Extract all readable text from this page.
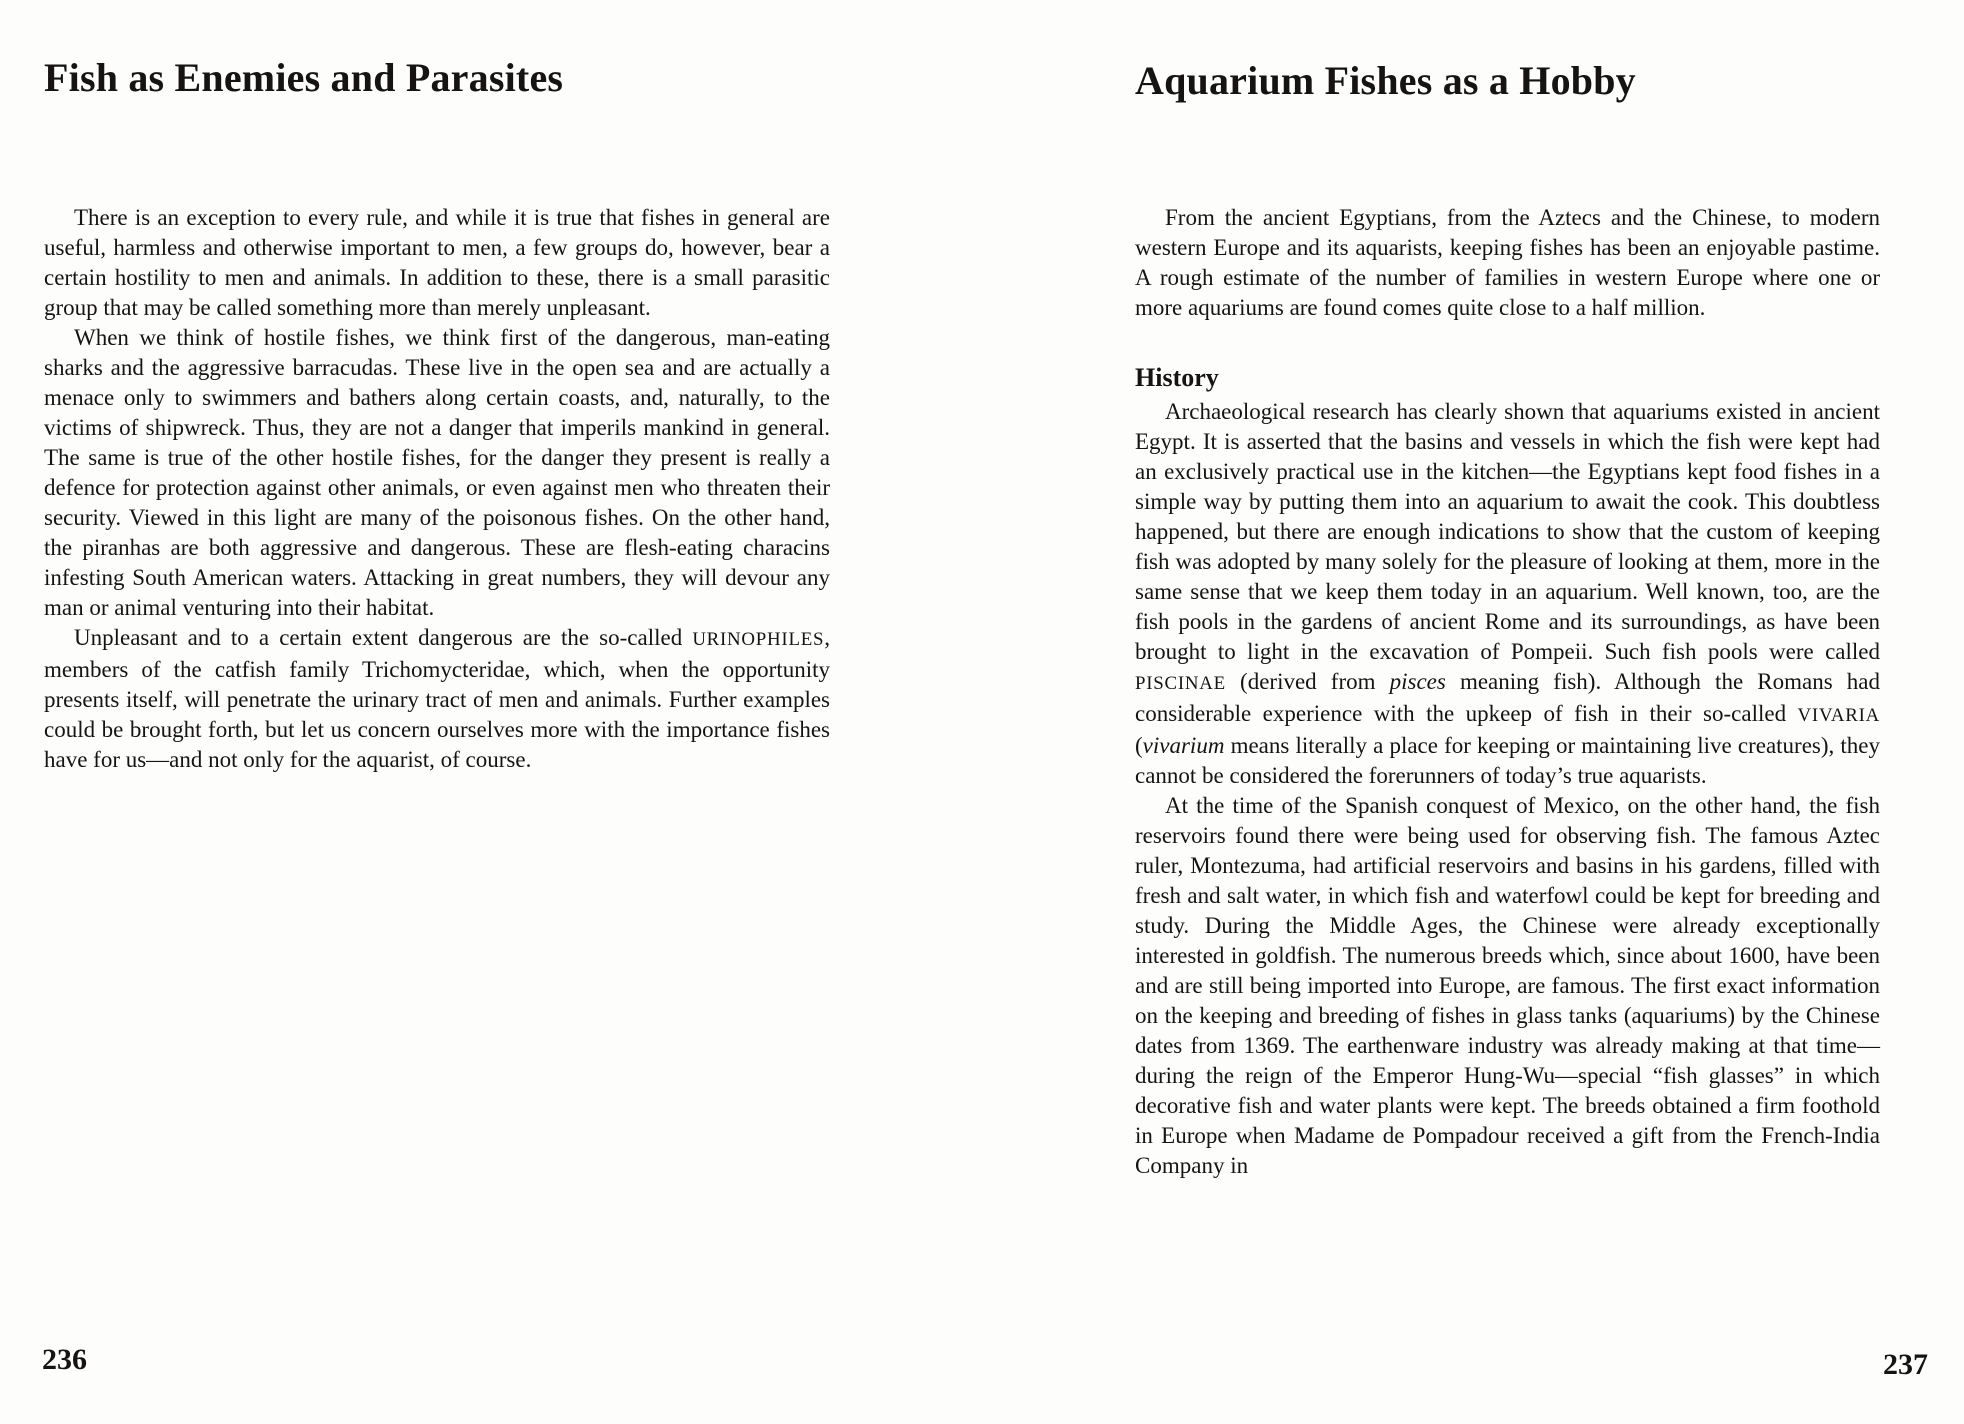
Fish as Enemies and Parasites

There is an exception to every rule, and while it is true that fishes in general are useful, harmless and otherwise important to men, a few groups do, however, bear a certain hostility to men and animals. In addition to these, there is a small parasitic group that may be called something more than merely unpleasant.

When we think of hostile fishes, we think first of the dangerous, man-eating sharks and the aggressive barracudas. These live in the open sea and are actually a menace only to swimmers and bathers along certain coasts, and, naturally, to the victims of shipwreck. Thus, they are not a danger that imperils mankind in general. The same is true of the other hostile fishes, for the danger they present is really a defence for protection against other animals, or even against men who threaten their security. Viewed in this light are many of the poisonous fishes. On the other hand, the piranhas are both aggressive and dangerous. These are flesh-eating characins infesting South American waters. Attacking in great numbers, they will devour any man or animal venturing into their habitat.

Unpleasant and to a certain extent dangerous are the so-called URINOPHILES, members of the catfish family Trichomycteridae, which, when the opportunity presents itself, will penetrate the urinary tract of men and animals. Further examples could be brought forth, but let us concern ourselves more with the importance fishes have for us—and not only for the aquarist, of course.

Aquarium Fishes as a Hobby

From the ancient Egyptians, from the Aztecs and the Chinese, to modern western Europe and its aquarists, keeping fishes has been an enjoyable pastime. A rough estimate of the number of families in western Europe where one or more aquariums are found comes quite close to a half million.

History

Archaeological research has clearly shown that aquariums existed in ancient Egypt. It is asserted that the basins and vessels in which the fish were kept had an exclusively practical use in the kitchen—the Egyptians kept food fishes in a simple way by putting them into an aquarium to await the cook. This doubtless happened, but there are enough indications to show that the custom of keeping fish was adopted by many solely for the pleasure of looking at them, more in the same sense that we keep them today in an aquarium. Well known, too, are the fish pools in the gardens of ancient Rome and its surroundings, as have been brought to light in the excavation of Pompeii. Such fish pools were called PISCINAE (derived from pisces meaning fish). Although the Romans had considerable experience with the upkeep of fish in their so-called VIVARIA (vivarium means literally a place for keeping or maintaining live creatures), they cannot be considered the forerunners of today’s true aquarists.

At the time of the Spanish conquest of Mexico, on the other hand, the fish reservoirs found there were being used for observing fish. The famous Aztec ruler, Montezuma, had artificial reservoirs and basins in his gardens, filled with fresh and salt water, in which fish and waterfowl could be kept for breeding and study. During the Middle Ages, the Chinese were already exceptionally interested in goldfish. The numerous breeds which, since about 1600, have been and are still being imported into Europe, are famous. The first exact information on the keeping and breeding of fishes in glass tanks (aquariums) by the Chinese dates from 1369. The earthenware industry was already making at that time—during the reign of the Emperor Hung-Wu—special “fish glasses” in which decorative fish and water plants were kept. The breeds obtained a firm foothold in Europe when Madame de Pompadour received a gift from the French-India Company in

236	237
